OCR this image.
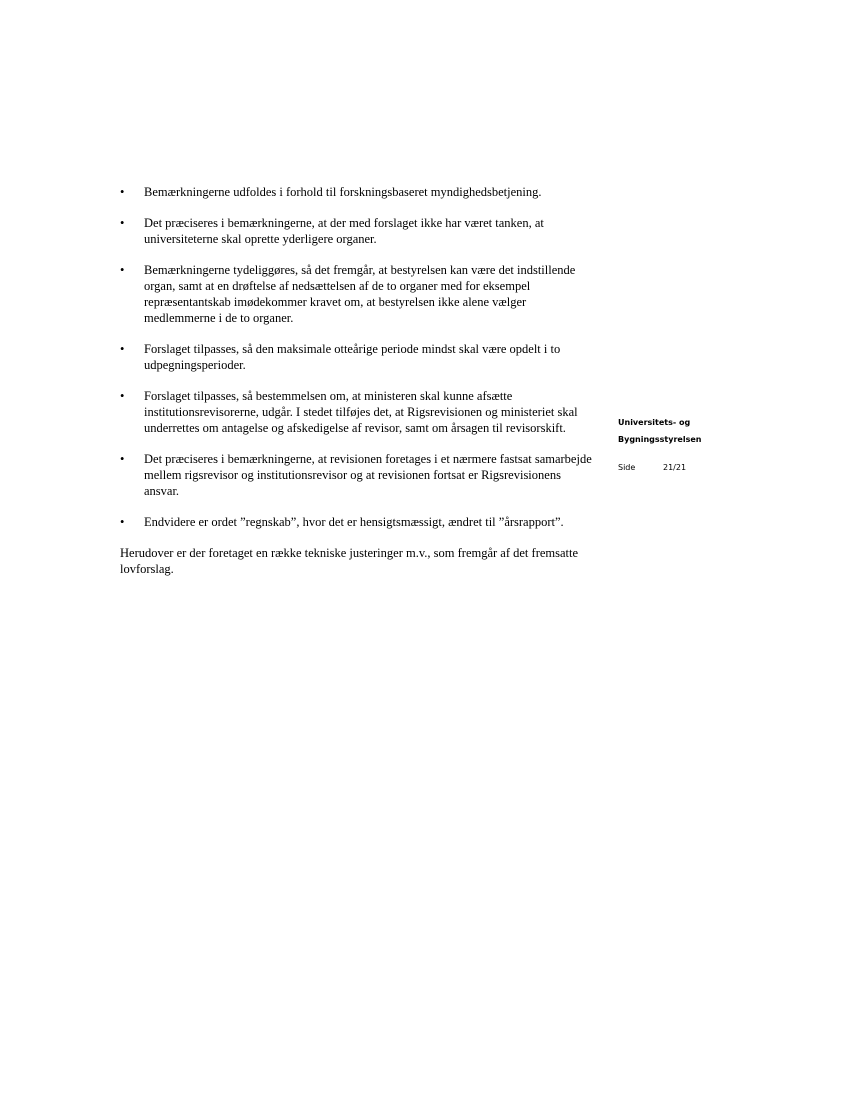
•	Bemærkningerne udfoldes i forhold til forskningsbaseret myndighedsbetjening.
•	Det præciseres i bemærkningerne, at der med forslaget ikke har været tanken, at universiteterne skal oprette yderligere organer.
•	Bemærkningerne tydeliggøres, så det fremgår, at bestyrelsen kan være det indstillende organ, samt at en drøftelse af nedsættelsen af de to organer med for eksempel repræsentantskab imødekommer kravet om, at bestyrelsen ikke alene vælger medlemmerne i de to organer.
•	Forslaget tilpasses, så den maksimale otteårige periode mindst skal være opdelt i to udpegningsperioder.
•	Forslaget tilpasses, så bestemmelsen om, at ministeren skal kunne afsætte institutionsrevisorerne, udgår. I stedet tilføjes det, at Rigsrevisionen og ministeriet skal underrettes om antagelse og afskedigelse af revisor, samt om årsagen til revisorskift.
•	Det præciseres i bemærkningerne, at revisionen foretages i et nærmere fastsat samarbejde mellem rigsrevisor og institutionsrevisor og at revisionen fortsat er Rigsrevisionens ansvar.
•	Endvidere er ordet ”regnskab”, hvor det er hensigtsmæssigt, ændret til ”årsrapport”.

Herudover er der foretaget en række tekniske justeringer m.v., som fremgår af det fremsatte lovforslag.

Universitets- og
Bygningsstyrelsen
Side	21/21
